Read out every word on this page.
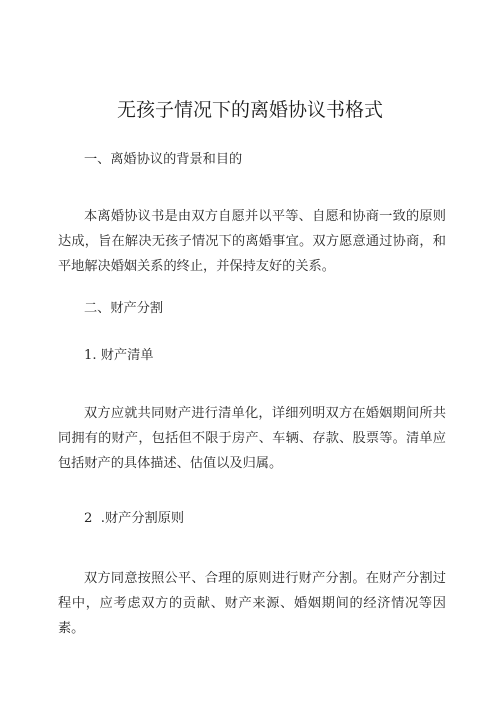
无孩子情况下的离婚协议书格式

一、离婚协议的背景和目的

本离婚协议书是由双方自愿并以平等、自愿和协商一致的原则达成，旨在解决无孩子情况下的离婚事宜。双方愿意通过协商，和平地解决婚姻关系的终止，并保持友好的关系。

二、财产分割

1. 财产清单

双方应就共同财产进行清单化，详细列明双方在婚姻期间所共同拥有的财产，包括但不限于房产、车辆、存款、股票等。清单应包括财产的具体描述、估值以及归属。

2  .财产分割原则

双方同意按照公平、合理的原则进行财产分割。在财产分割过程中，应考虑双方的贡献、财产来源、婚姻期间的经济情况等因素。
